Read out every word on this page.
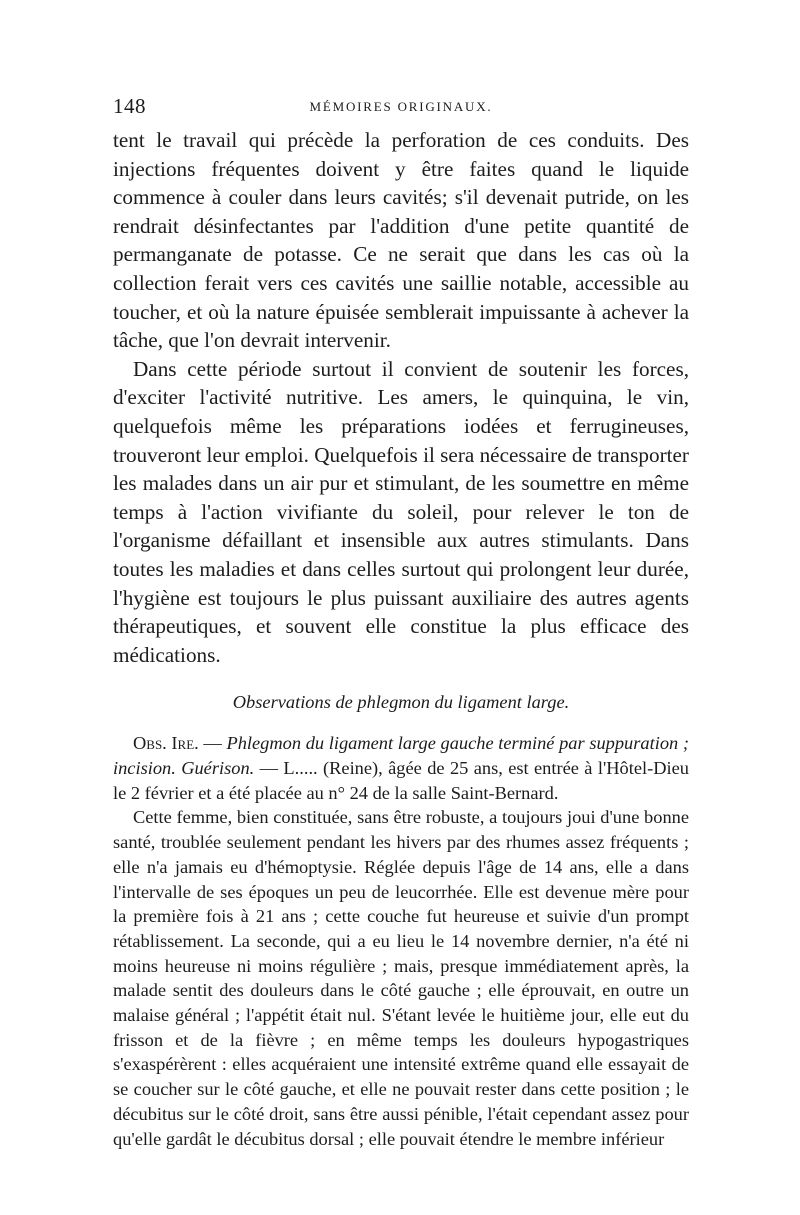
148	MÉMOIRES ORIGINAUX.

tent le travail qui précède la perforation de ces conduits. Des injections fréquentes doivent y être faites quand le liquide commence à couler dans leurs cavités; s'il devenait putride, on les rendrait désinfectantes par l'addition d'une petite quantité de permanganate de potasse. Ce ne serait que dans les cas où la collection ferait vers ces cavités une saillie notable, accessible au toucher, et où la nature épuisée semblerait impuissante à achever la tâche, que l'on devrait intervenir.

Dans cette période surtout il convient de soutenir les forces, d'exciter l'activité nutritive. Les amers, le quinquina, le vin, quelquefois même les préparations iodées et ferrugineuses, trouveront leur emploi. Quelquefois il sera nécessaire de transporter les malades dans un air pur et stimulant, de les soumettre en même temps à l'action vivifiante du soleil, pour relever le ton de l'organisme défaillant et insensible aux autres stimulants. Dans toutes les maladies et dans celles surtout qui prolongent leur durée, l'hygiène est toujours le plus puissant auxiliaire des autres agents thérapeutiques, et souvent elle constitue la plus efficace des médications.

Observations de phlegmon du ligament large.

Obs. Ire. — Phlegmon du ligament large gauche terminé par suppuration ; incision. Guérison. — L..... (Reine), âgée de 25 ans, est entrée à l'Hôtel-Dieu le 2 février et a été placée au n° 24 de la salle Saint-Bernard.

Cette femme, bien constituée, sans être robuste, a toujours joui d'une bonne santé, troublée seulement pendant les hivers par des rhumes assez fréquents ; elle n'a jamais eu d'hémoptysie. Réglée depuis l'âge de 14 ans, elle a dans l'intervalle de ses époques un peu de leucorrhée. Elle est devenue mère pour la première fois à 21 ans ; cette couche fut heureuse et suivie d'un prompt rétablissement. La seconde, qui a eu lieu le 14 novembre dernier, n'a été ni moins heureuse ni moins régulière ; mais, presque immédiatement après, la malade sentit des douleurs dans le côté gauche ; elle éprouvait, en outre un malaise général ; l'appétit était nul. S'étant levée le huitième jour, elle eut du frisson et de la fièvre ; en même temps les douleurs hypogastriques s'exaspérèrent : elles acquéraient une intensité extrême quand elle essayait de se coucher sur le côté gauche, et elle ne pouvait rester dans cette position ; le décubitus sur le côté droit, sans être aussi pénible, l'était cependant assez pour qu'elle gardât le décubitus dorsal ; elle pouvait étendre le membre inférieur
